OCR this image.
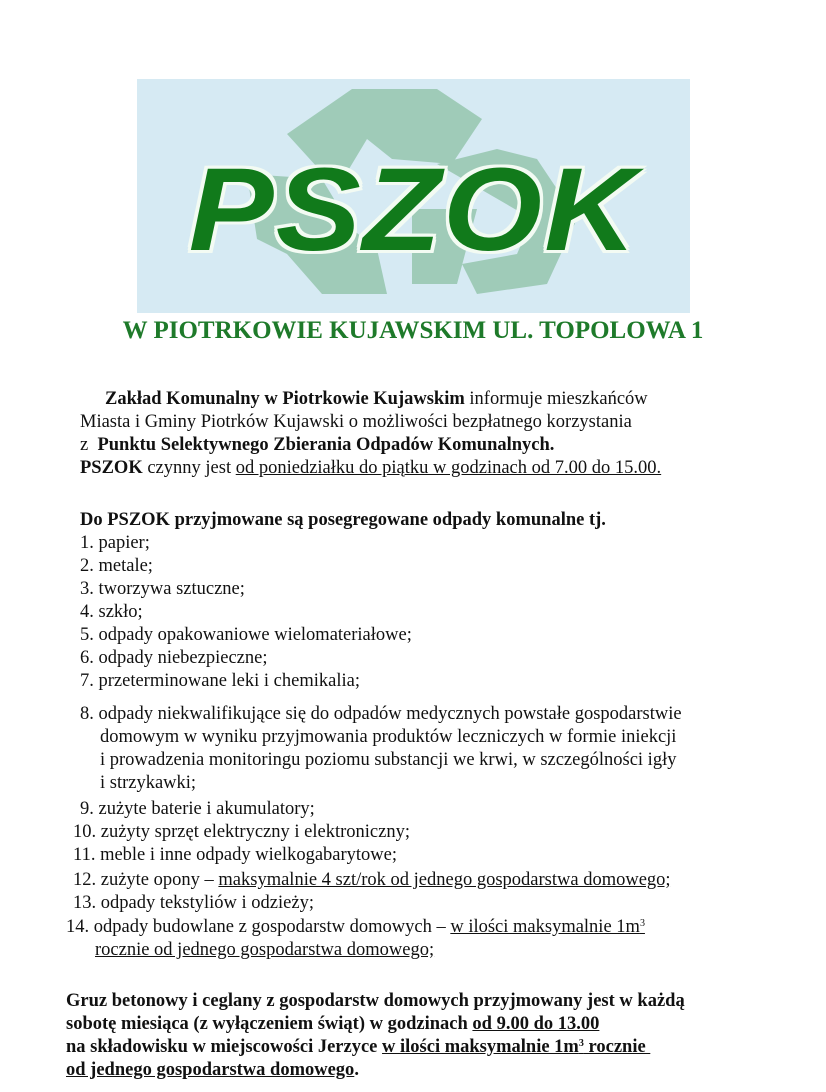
PSZOK
W PIOTRKOWIE KUJAWSKIM UL. TOPOLOWA 1
Zakład Komunalny w Piotrkowie Kujawskim informuje mieszkańców
Miasta i Gminy Piotrków Kujawski o możliwości bezpłatnego korzystania
z  Punktu Selektywnego Zbierania Odpadów Komunalnych.
PSZOK czynny jest od poniedziałku do piątku w godzinach od 7.00 do 15.00.
Do PSZOK przyjmowane są posegregowane odpady komunalne tj.
1. papier;
2. metale;
3. tworzywa sztuczne;
4. szkło;
5. odpady opakowaniowe wielomateriałowe;
6. odpady niebezpieczne;
7. przeterminowane leki i chemikalia;
8. odpady niekwalifikujące się do odpadów medycznych powstałe gospodarstwie
domowym w wyniku przyjmowania produktów leczniczych w formie iniekcji
i prowadzenia monitoringu poziomu substancji we krwi, w szczególności igły
i strzykawki;
9. zużyte baterie i akumulatory;
10. zużyty sprzęt elektryczny i elektroniczny;
11. meble i inne odpady wielkogabarytowe;
12. zużyte opony – maksymalnie 4 szt/rok od jednego gospodarstwa domowego;
13. odpady tekstyliów i odzieży;
14. odpady budowlane z gospodarstw domowych – w ilości maksymalnie $1m^3$
rocznie od jednego gospodarstwa domowego;
Gruz betonowy i ceglany z gospodarstw domowych przyjmowany jest w każdą
sobotę miesiąca (z wyłączeniem świąt) w godzinach od 9.00 do 13.00
na składowisku w miejscowości Jerzyce w ilości maksymalnie $1m^3$ rocznie
od jednego gospodarstwa domowego.
